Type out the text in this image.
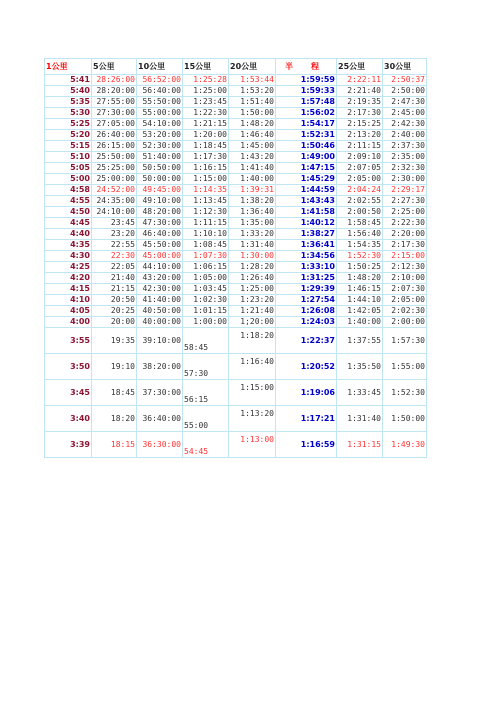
1公里	5公里	10公里	15公里	20公里	半 程	25公里	30公里
5:41	28:26:00	56:52:00	1:25:28	1:53:44	1:59:59	2:22:11	2:50:37
5:40	28:20:00	56:40:00	1:25:00	1:53:20	1:59:33	2:21:40	2:50:00
5:35	27:55:00	55:50:00	1:23:45	1:51:40	1:57:48	2:19:35	2:47:30
5:30	27:30:00	55:00:00	1:22:30	1:50:00	1:56:02	2:17:30	2:45:00
5:25	27:05:00	54:10:00	1:21:15	1:48:20	1:54:17	2:15:25	2:42:30
5:20	26:40:00	53:20:00	1:20:00	1:46:40	1:52:31	2:13:20	2:40:00
5:15	26:15:00	52:30:00	1:18:45	1:45:00	1:50:46	2:11:15	2:37:30
5:10	25:50:00	51:40:00	1:17:30	1:43:20	1:49:00	2:09:10	2:35:00
5:05	25:25:00	50:50:00	1:16:15	1:41:40	1:47:15	2:07:05	2:32:30
5:00	25:00:00	50:00:00	1:15:00	1:40:00	1:45:29	2:05:00	2:30:00
4:58	24:52:00	49:45:00	1:14:35	1:39:31	1:44:59	2:04:24	2:29:17
4:55	24:35:00	49:10:00	1:13:45	1:38:20	1:43:43	2:02:55	2:27:30
4:50	24:10:00	48:20:00	1:12:30	1:36:40	1:41:58	2:00:50	2:25:00
4:45	23:45	47:30:00	1:11:15	1:35:00	1:40:12	1:58:45	2:22:30
4:40	23:20	46:40:00	1:10:10	1:33:20	1:38:27	1:56:40	2:20:00
4:35	22:55	45:50:00	1:08:45	1:31:40	1:36:41	1:54:35	2:17:30
4:30	22:30	45:00:00	1:07:30	1:30:00	1:34:56	1:52:30	2:15:00
4:25	22:05	44:10:00	1:06:15	1:28:20	1:33:10	1:50:25	2:12:30
4:20	21:40	43:20:00	1:05:00	1:26:40	1:31:25	1:48:20	2:10:00
4:15	21:15	42:30:00	1:03:45	1:25:00	1:29:39	1:46:15	2:07:30
4:10	20:50	41:40:00	1:02:30	1:23:20	1:27:54	1:44:10	2:05:00
4:05	20:25	40:50:00	1:01:15	1:21:40	1:26:08	1:42:05	2:02:30
4:00	20:00	40:00:00	1:00:00	1;20:00	1:24:03	1:40:00	2:00:00
3:55	19:35	39:10:00	58:45	1:18:20	1:22:37	1:37:55	1:57:30
3:50	19:10	38:20:00	57:30	1:16:40	1:20:52	1:35:50	1:55:00
3:45	18:45	37:30:00	56:15	1:15:00	1:19:06	1:33:45	1:52:30
3:40	18:20	36:40:00	55:00	1:13:20	1:17:21	1:31:40	1:50:00
3:39	18:15	36:30:00	54:45	1:13:00	1:16:59	1:31:15	1:49:30
